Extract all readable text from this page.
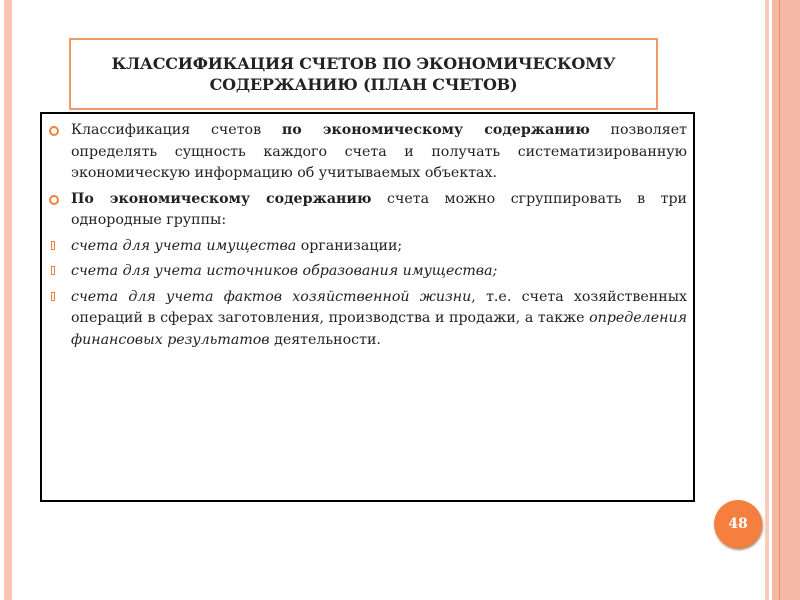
КЛАССИФИКАЦИЯ СЧЕТОВ ПО ЭКОНОМИЧЕСКОМУ СОДЕРЖАНИЮ (ПЛАН СЧЕТОВ)
Классификация счетов по экономическому содержанию позволяет определять сущность каждого счета и получать систематизированную экономическую информацию об учитываемых объектах.
По экономическому содержанию счета можно сгруппировать в три однородные группы:
счета для учета имущества организации;
счета для учета источников образования имущества;
счета для учета фактов хозяйственной жизни, т.е. счета хозяйственных операций в сферах заготовления, производства и продажи, а также определения финансовых результатов деятельности.
48
